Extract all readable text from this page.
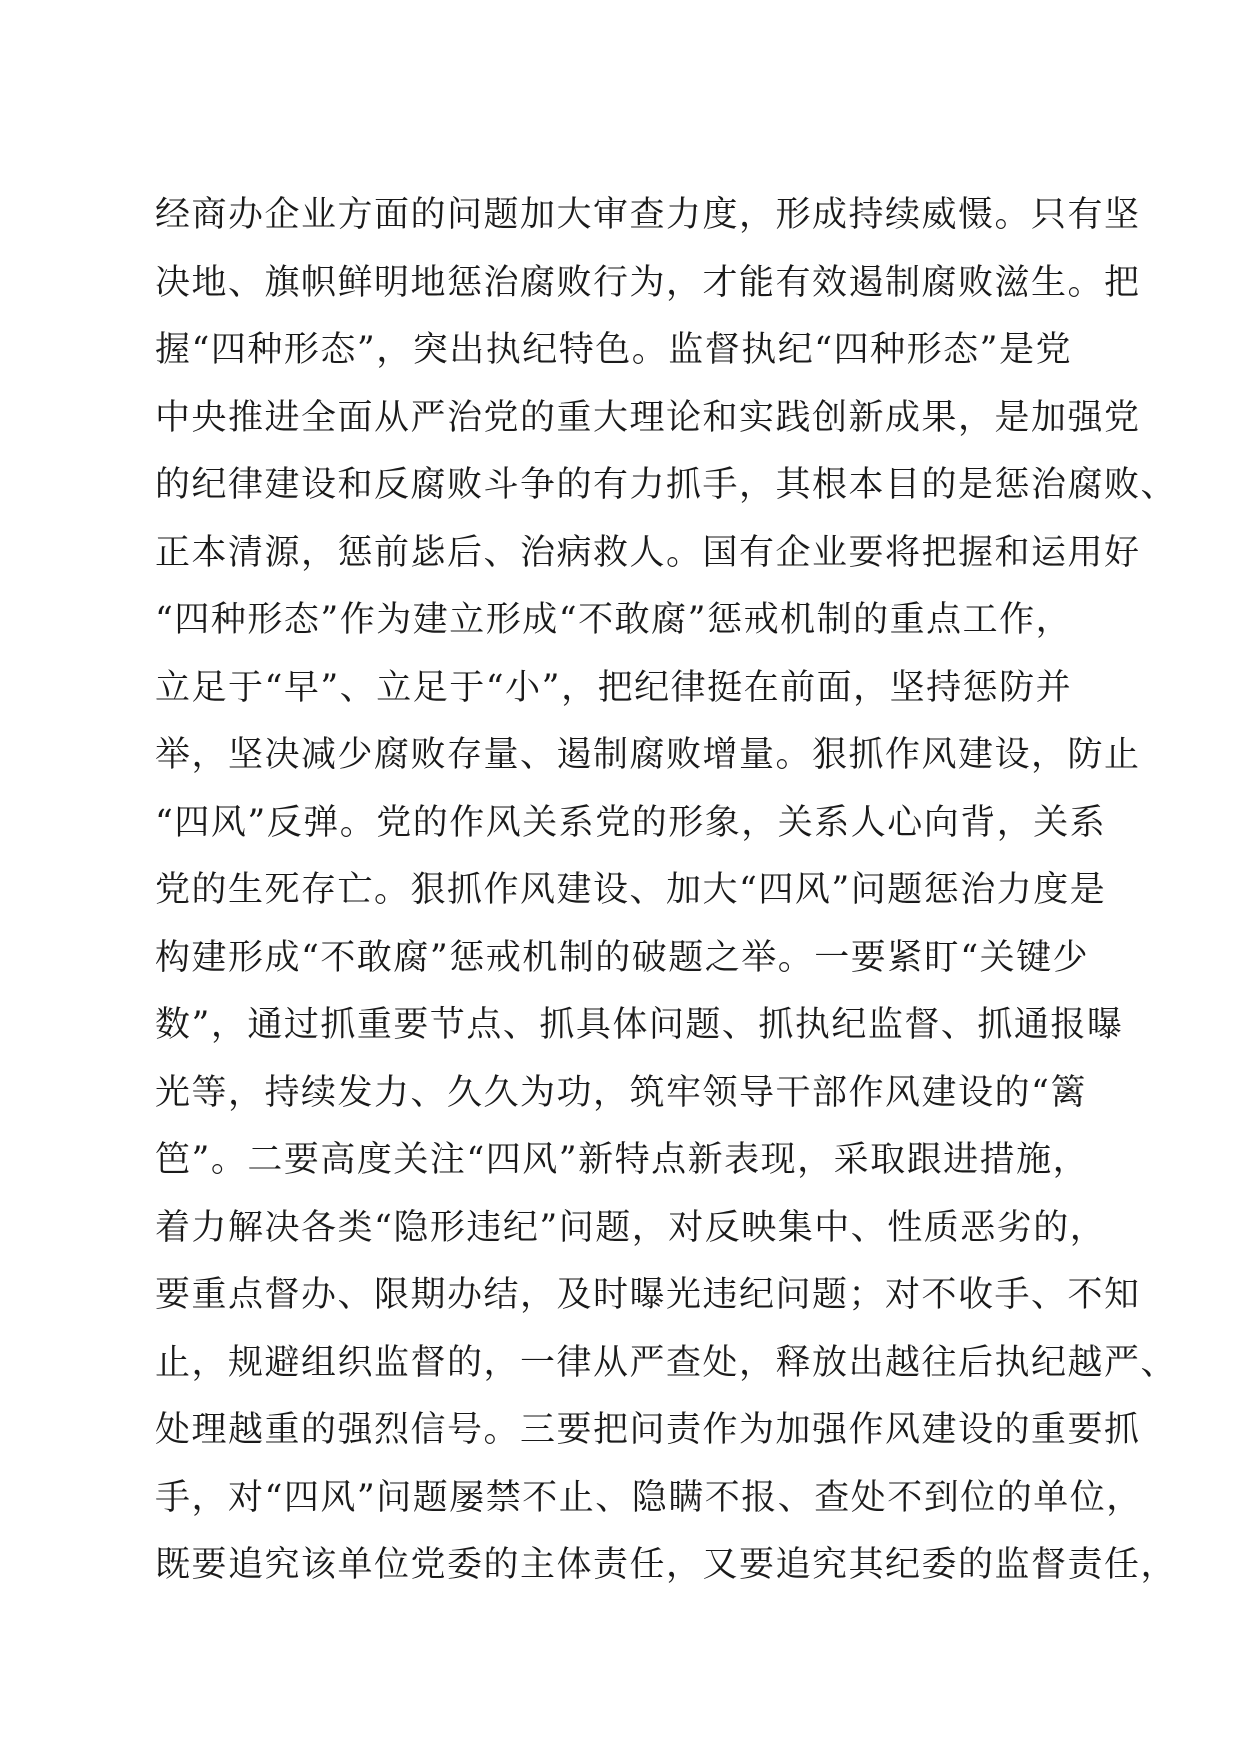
经商办企业方面的问题加大审查力度，形成持续威慑。只有坚
决地、旗帜鲜明地惩治腐败行为，才能有效遏制腐败滋生。把
握“四种形态”，突出执纪特色。监督执纪“四种形态”是党
中央推进全面从严治党的重大理论和实践创新成果，是加强党
的纪律建设和反腐败斗争的有力抓手，其根本目的是惩治腐败、
正本清源，惩前毖后、治病救人。国有企业要将把握和运用好
“四种形态”作为建立形成“不敢腐”惩戒机制的重点工作，
立足于“早”、立足于“小”，把纪律挺在前面，坚持惩防并
举，坚决减少腐败存量、遏制腐败增量。狠抓作风建设，防止
“四风”反弹。党的作风关系党的形象，关系人心向背，关系
党的生死存亡。狠抓作风建设、加大“四风”问题惩治力度是
构建形成“不敢腐”惩戒机制的破题之举。一要紧盯“关键少
数”，通过抓重要节点、抓具体问题、抓执纪监督、抓通报曝
光等，持续发力、久久为功，筑牢领导干部作风建设的“篱
笆”。二要高度关注“四风”新特点新表现，采取跟进措施，
着力解决各类“隐形违纪”问题，对反映集中、性质恶劣的，
要重点督办、限期办结，及时曝光违纪问题；对不收手、不知
止，规避组织监督的，一律从严查处，释放出越往后执纪越严、
处理越重的强烈信号。三要把问责作为加强作风建设的重要抓
手，对“四风”问题屡禁不止、隐瞒不报、查处不到位的单位，
既要追究该单位党委的主体责任，又要追究其纪委的监督责任，
